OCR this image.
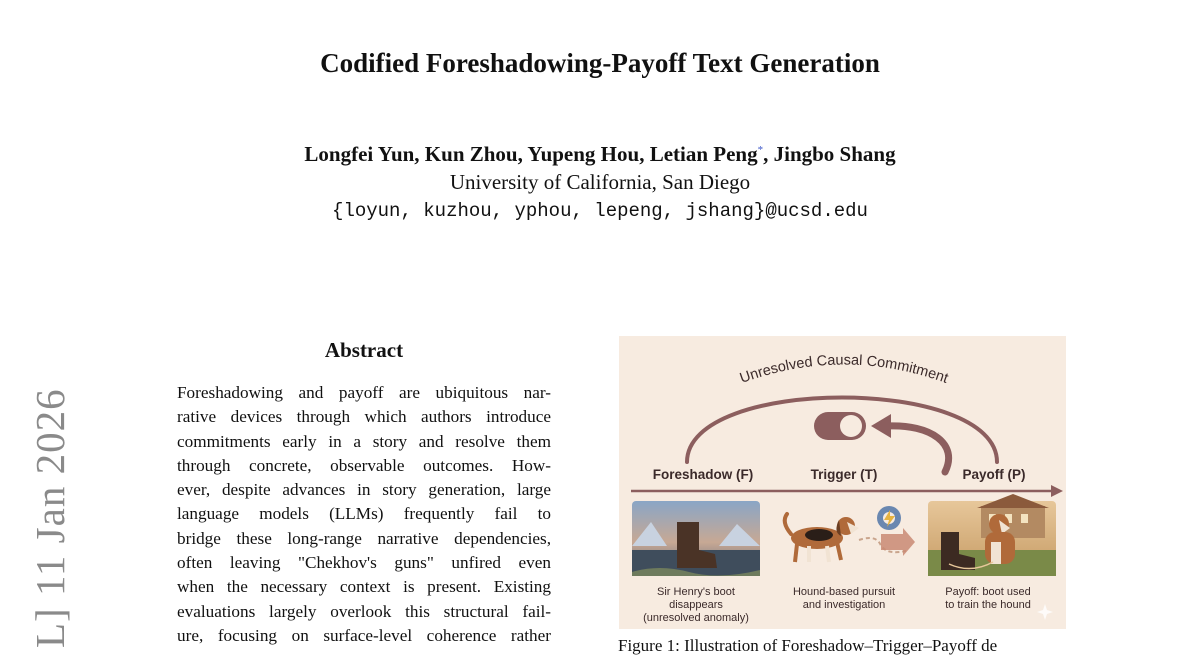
Codified Foreshadowing-Payoff Text Generation
Longfei Yun, Kun Zhou, Yupeng Hou, Letian Peng*, Jingbo Shang
University of California, San Diego
{loyun, kuzhou, yphou, lepeng, jshang}@ucsd.edu
L] 11 Jan 2026
Abstract
Foreshadowing and payoff are ubiquitous nar-
rative devices through which authors introduce
commitments early in a story and resolve them
through concrete, observable outcomes. How-
ever, despite advances in story generation, large
language models (LLMs) frequently fail to
bridge these long-range narrative dependencies,
often leaving "Chekhov's guns" unfired even
when the necessary context is present. Existing
evaluations largely overlook this structural fail-
ure, focusing on surface-level coherence rather
Unresolved Causal Commitment
Foreshadow (F)	Trigger (T)	Payoff (P)
Sir Henry's boot
disappears
(unresolved anomaly)
Hound-based pursuit
and investigation
Payoff: boot used
to train the hound
Figure 1: Illustration of Foreshadow–Trigger–Payoff de
